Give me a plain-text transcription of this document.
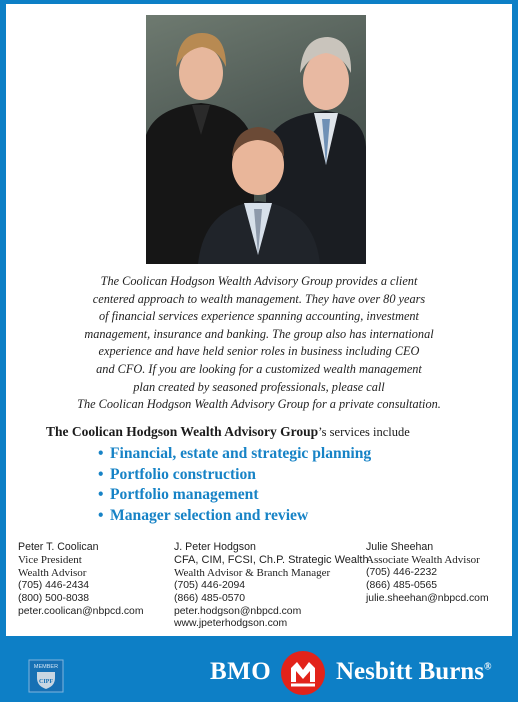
The Coolican Hodgson Wealth Advisory Group provides a client
centered approach to wealth management. They have over 80 years
of financial services experience spanning accounting, investment
management, insurance and banking. The group also has international
experience and have held senior roles in business including CEO
and CFO. If you are looking for a customized wealth management
plan created by seasoned professionals, please call
The Coolican Hodgson Wealth Advisory Group for a private consultation.
The Coolican Hodgson Wealth Advisory Group’s services include
• Financial, estate and strategic planning
• Portfolio construction
• Portfolio management
• Manager selection and review
Peter T. Coolican
Vice President
Wealth Advisor
(705) 446-2434
(800) 500-8038
peter.coolican@nbpcd.com
J. Peter Hodgson
CFA, CIM, FCSI, Ch.P. Strategic Wealth
Wealth Advisor & Branch Manager
(705) 446-2094
(866) 485-0570
peter.hodgson@nbpcd.com
www.jpeterhodgson.com
Julie Sheehan
Associate Wealth Advisor
(705) 446-2232
(866) 485-0565
julie.sheehan@nbpcd.com
MEMBER
CIPF	BMO	Nesbitt Burns®
